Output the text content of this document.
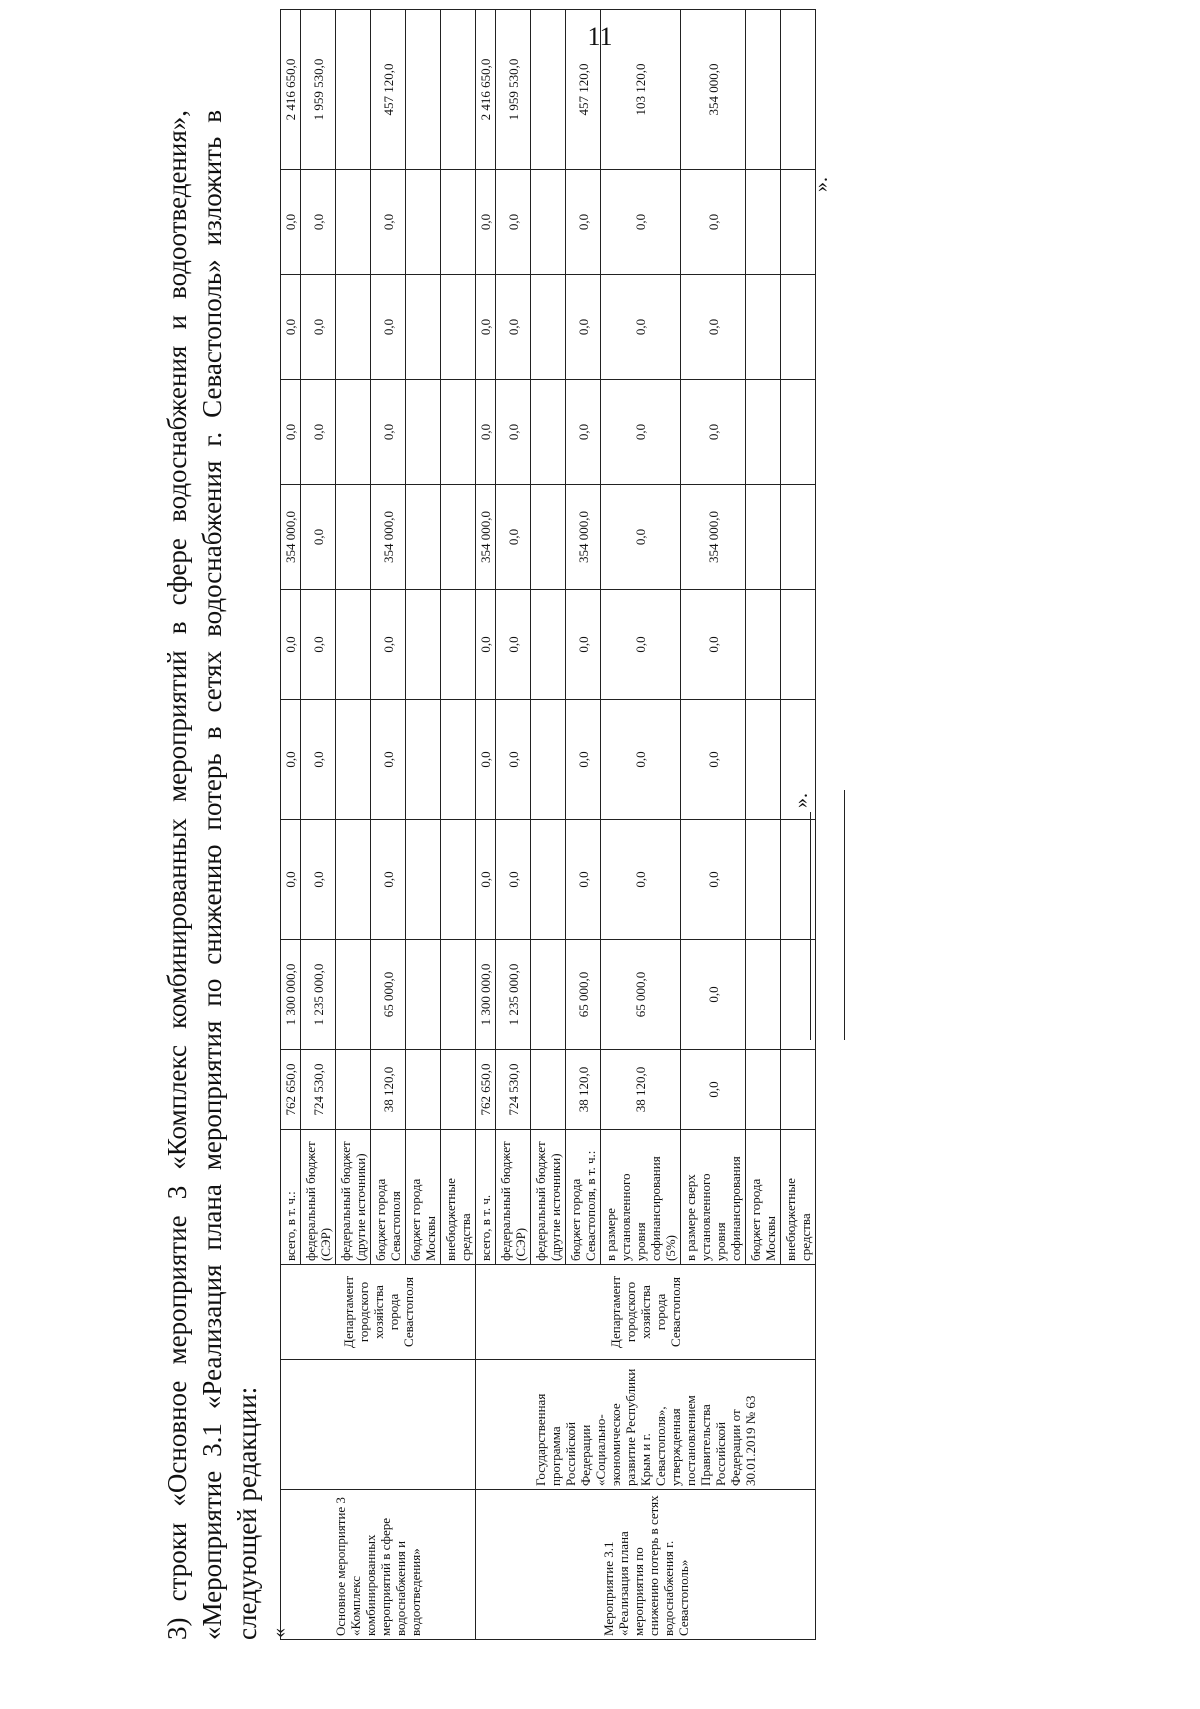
11

3) строки «Основное мероприятие 3 «Комплекс комбинированных мероприятий в сфере водоснабжения и водоотведения», «Мероприятие 3.1 «Реализация плана мероприятия по снижению потерь в сетях водоснабжения г. Севастополь» изложить в следующей редакции: «	Основное мероприятие 3 «Комплекс комбинированных мероприятий в сфере водоснабжения и водоотведения»		Департамент городского хозяйства города Севастополя	всего, в т. ч.:	762 650,0	1 300 000,0	0,0	0,0	0,0	354 000,0	0,0	0,0	0,0	2 416 650,0
			федеральный бюджет (СЭР)	724 530,0	1 235 000,0	0,0	0,0	0,0	0,0	0,0	0,0	0,0	1 959 530,0
			федеральный бюджет (другие источники)										
			бюджет города Севастополя	38 120,0	65 000,0	0,0	0,0	0,0	354 000,0	0,0	0,0	0,0	457 120,0
			бюджет города Москвы										
			внебюджетные средства										
Мероприятие 3.1 «Реализация плана мероприятия по снижению потерь в сетях водоснабжения г. Севастополь»	Государственная программа Российской Федерации «Социально-экономическое развитие Республики Крым и г. Севастополя», утвержденная постановлением Правительства Российской Федерации от 30.01.2019 № 63	Департамент городского хозяйства города Севастополя	всего, в т. ч.	762 650,0	1 300 000,0	0,0	0,0	0,0	354 000,0	0,0	0,0	0,0	2 416 650,0
			федеральный бюджет (СЭР)	724 530,0	1 235 000,0	0,0	0,0	0,0	0,0	0,0	0,0	0,0	1 959 530,0
			федеральный бюджет (другие источники)										
			бюджет города Севастополя, в т. ч.:	38 120,0	65 000,0	0,0	0,0	0,0	354 000,0	0,0	0,0	0,0	457 120,0
			в размере установленного уровня софинансирования (5%)	38 120,0	65 000,0	0,0	0,0	0,0	0,0	0,0	0,0	0,0	103 120,0
			в размере сверх установленного уровня софинансирования	0,0	0,0	0,0	0,0	0,0	354 000,0	0,0	0,0	0,0	354 000,0
			бюджет города Москвы										
			внебюджетные средства										
».
».
